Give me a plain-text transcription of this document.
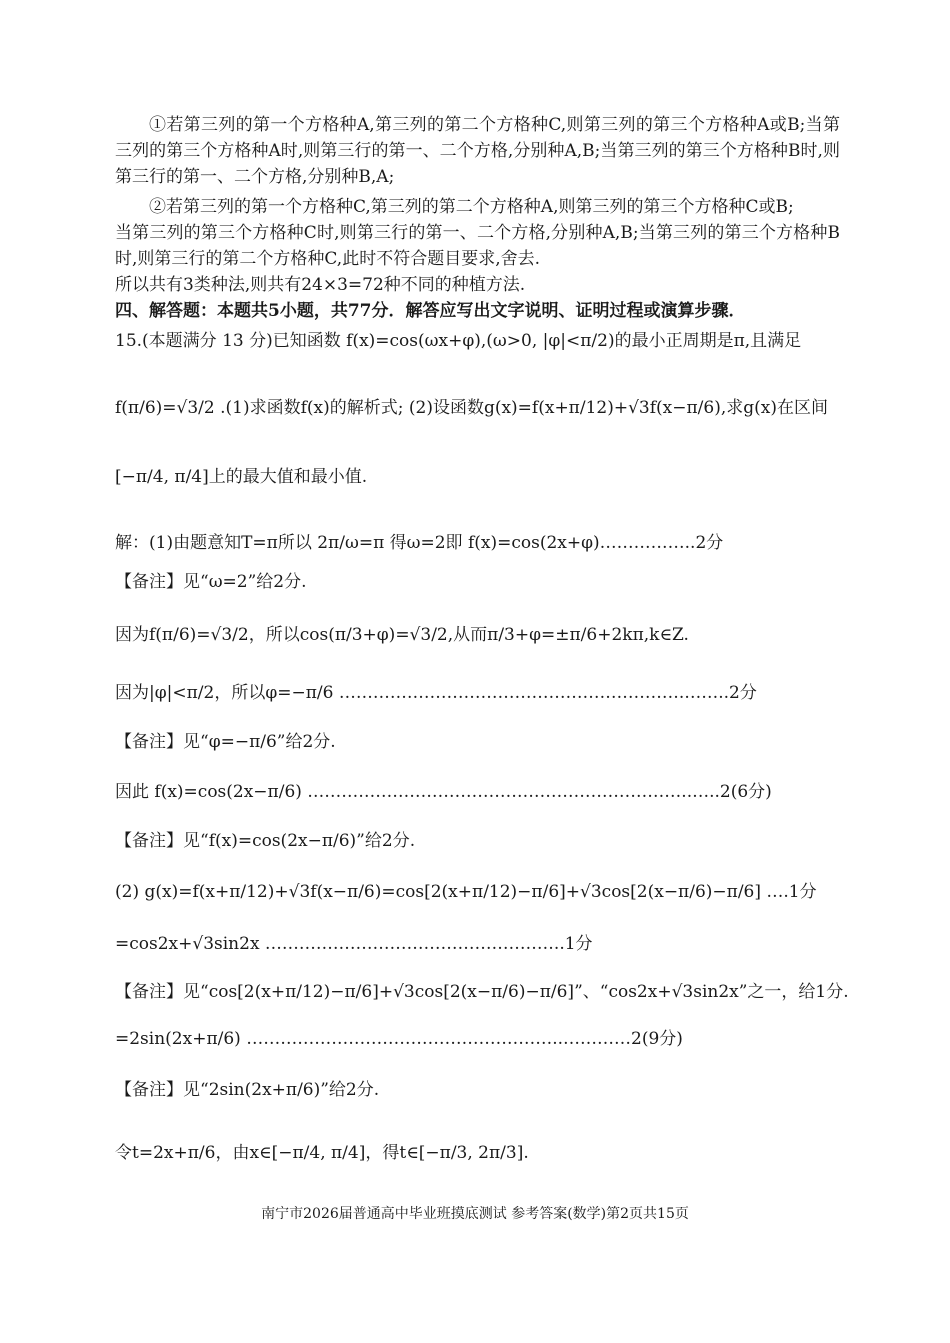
①若第三列的第一个方格种A,第三列的第二个方格种C,则第三列的第三个方格种A或B;当第三列的第三个方格种A时,则第三行的第一、二个方格,分别种A,B;当第三列的第三个方格种B时,则第三行的第一、二个方格,分别种B,A;
②若第三列的第一个方格种C,第三列的第二个方格种A,则第三列的第三个方格种C或B;
当第三列的第三个方格种C时,则第三行的第一、二个方格,分别种A,B;当第三列的第三个方格种B时,则第三行的第二个方格种C,此时不符合题目要求,舍去.
所以共有3类种法,则共有24×3=72种不同的种植方法.
四、解答题：本题共5小题，共77分．解答应写出文字说明、证明过程或演算步骤．
15.(本题满分 13 分)已知函数 f(x)=cos(ωx+φ),(ω>0, |φ|<π/2)的最小正周期是π,且满足
f(π/6)=√3/2 .(1)求函数f(x)的解析式; (2)设函数g(x)=f(x+π/12)+√3f(x−π/6),求g(x)在区间
[−π/4, π/4]上的最大值和最小值.
解：(1)由题意知T=π所以 2π/ω=π 得ω=2即 f(x)=cos(2x+φ)……………..2分
【备注】见“ω=2”给2分.
因为f(π/6)=√3/2，所以cos(π/3+φ)=√3/2,从而π/3+φ=±π/6+2kπ,k∈Z.
因为|φ|<π/2，所以φ=−π/6 …………………………………………………….……..2分
【备注】见“φ=−π/6”给2分.
因此 f(x)=cos(2x−π/6) …………………………………………………………..…..2(6分)
【备注】见“f(x)=cos(2x−π/6)”给2分.
(2) g(x)=f(x+π/12)+√3f(x−π/6)=cos[2(x+π/12)−π/6]+√3cos[2(x−π/6)−π/6] ….1分
=cos2x+√3sin2x ……………………………………………..1分
【备注】见“cos[2(x+π/12)−π/6]+√3cos[2(x−π/6)−π/6]”、“cos2x+√3sin2x”之一，给1分.
=2sin(2x+π/6) ………………………………………………..…………2(9分)
【备注】见“2sin(2x+π/6)”给2分.
令t=2x+π/6，由x∈[−π/4, π/4]，得t∈[−π/3, 2π/3].
南宁市2026届普通高中毕业班摸底测试 参考答案(数学)第2页共15页
